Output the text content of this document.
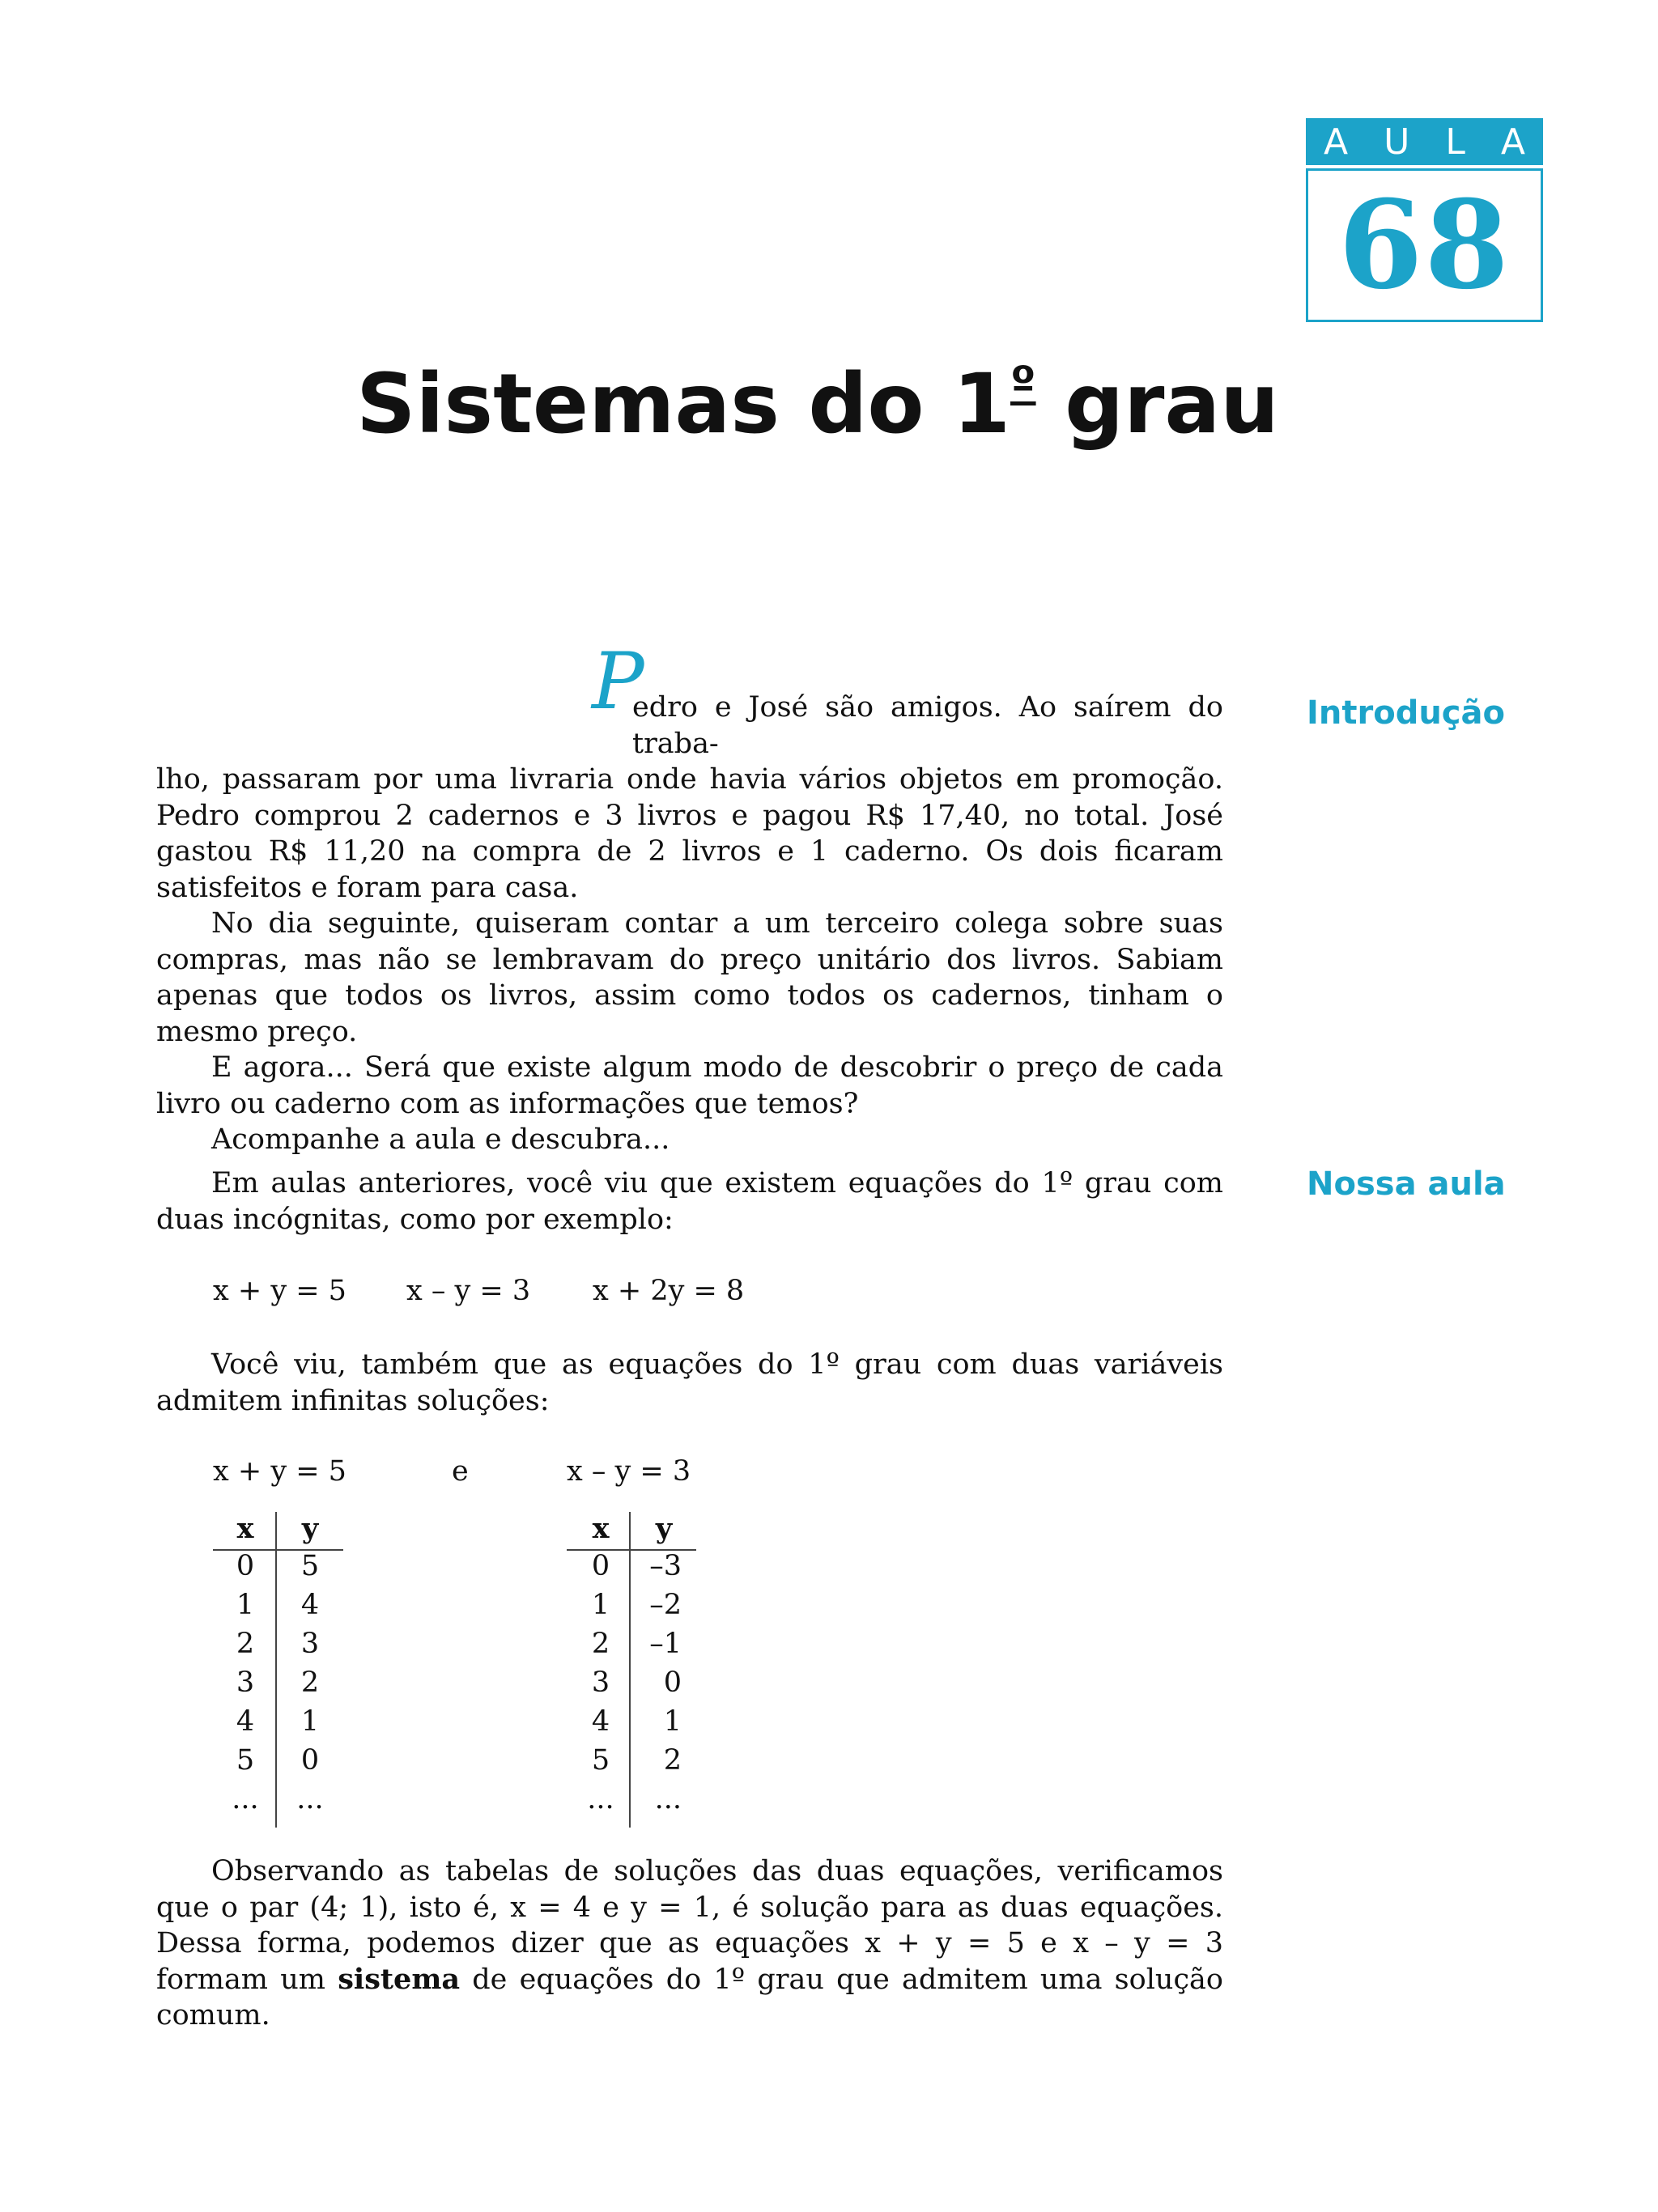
A U L A
68
Sistemas do $1^º$ grau
Introdução

P
edro e José são amigos. Ao saírem do traba-

lho, passaram por uma livraria onde havia vários objetos em promoção. Pedro comprou 2 cadernos e 3 livros e pagou R$ 17,40, no total. José gastou R$ 11,20 na compra de 2 livros e 1 caderno. Os dois ficaram satisfeitos e foram para casa.

No dia seguinte, quiseram contar a um terceiro colega sobre suas compras, mas não se lembravam do preço unitário dos livros. Sabiam apenas que todos os livros, assim como todos os cadernos, tinham o mesmo preço.

E agora... Será que existe algum modo de descobrir o preço de cada livro ou caderno com as informações que temos?

Acompanhe a aula e descubra...

Nossa aula

Em aulas anteriores, você viu que existem equações do 1º grau com duas incógnitas, como por exemplo:

x + y = 5 x – y = 3 x + 2y = 8

Você viu, também que as equações do 1º grau com duas variáveis admitem infinitas soluções:

x + y = 5	e	x – y = 3
x	y
0	5
1	4
2	3
3	2
4	1
5	0
...	...
x	y
0	–3
1	–2
2	–1
3	0
4	1
5	2
...	...

Observando as tabelas de soluções das duas equações, verificamos que o par (4; 1), isto é, x = 4 e y = 1, é solução para as duas equações. Dessa forma, podemos dizer que as equações x + y = 5 e x – y = 3 formam um sistema de equações do 1º grau que admitem uma solução comum.
